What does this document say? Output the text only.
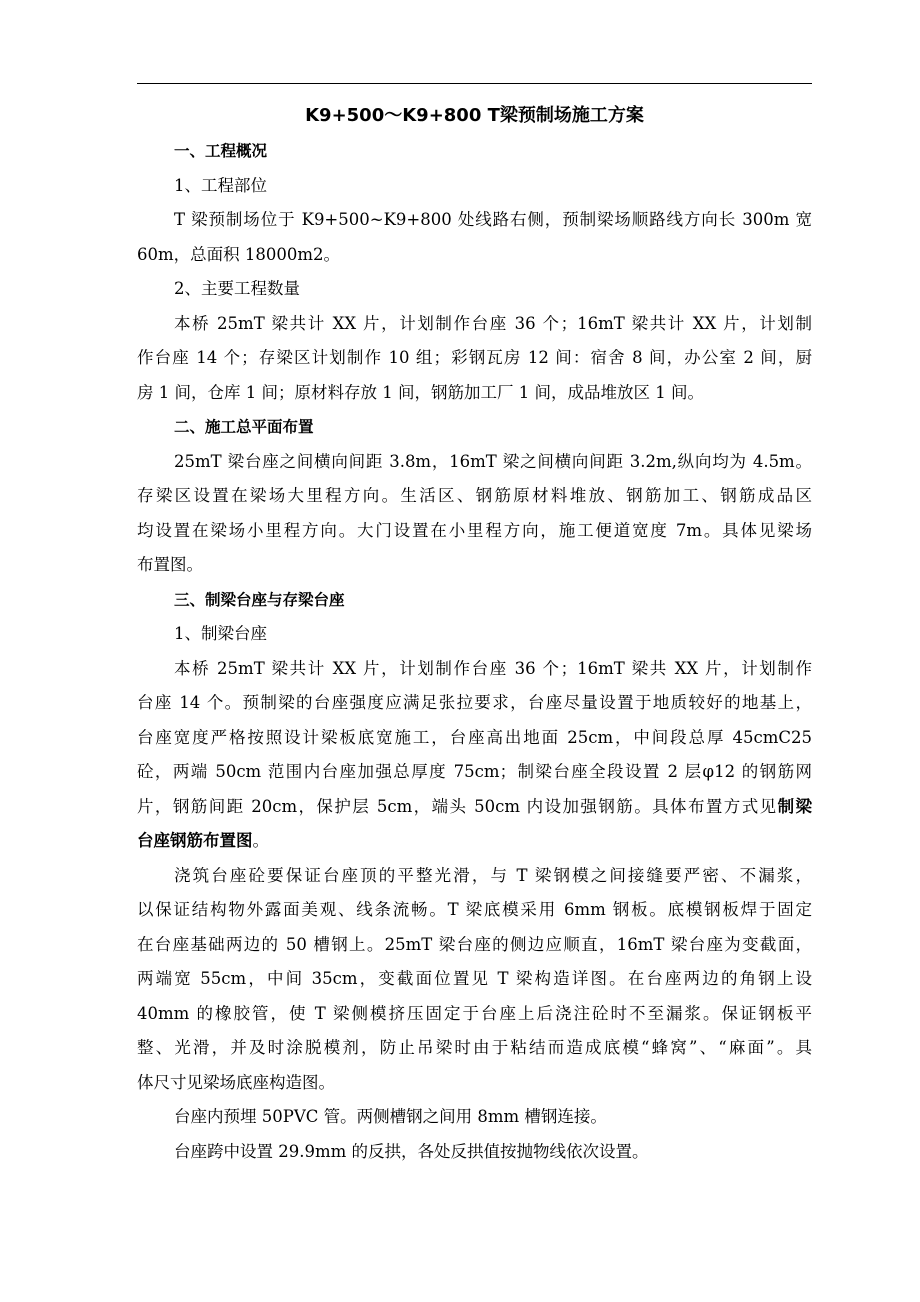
K9+500～K9+800 T梁预制场施工方案

一、工程概况

1、工程部位

T 梁预制场位于 K9+500~K9+800 处线路右侧，预制梁场顺路线方向长 300m 宽

60m，总面积 18000m2。

2、主要工程数量

本桥 25mT 梁共计 XX 片，计划制作台座 36 个；16mT 梁共计 XX 片，计划制

作台座 14 个；存梁区计划制作 10 组；彩钢瓦房 12 间：宿舍 8 间，办公室 2 间，厨

房 1 间，仓库 1 间；原材料存放 1 间，钢筋加工厂 1 间，成品堆放区 1 间。

二、施工总平面布置

25mT 梁台座之间横向间距 3.8m，16mT 梁之间横向间距 3.2m,纵向均为 4.5m。

存梁区设置在梁场大里程方向。生活区、钢筋原材料堆放、钢筋加工、钢筋成品区

均设置在梁场小里程方向。大门设置在小里程方向，施工便道宽度 7m。具体见梁场

布置图。

三、制梁台座与存梁台座

1、制梁台座

本桥 25mT 梁共计 XX 片，计划制作台座 36 个；16mT 梁共 XX 片，计划制作

台座 14 个。预制梁的台座强度应满足张拉要求，台座尽量设置于地质较好的地基上，

台座宽度严格按照设计梁板底宽施工，台座高出地面 25cm，中间段总厚 45cmC25

砼，两端 50cm 范围内台座加强总厚度 75cm；制梁台座全段设置 2 层φ12 的钢筋网

片，钢筋间距 20cm，保护层 5cm，端头 50cm 内设加强钢筋。具体布置方式见制梁

台座钢筋布置图。

浇筑台座砼要保证台座顶的平整光滑，与 T 梁钢模之间接缝要严密、不漏浆，

以保证结构物外露面美观、线条流畅。T 梁底模采用 6mm 钢板。底模钢板焊于固定

在台座基础两边的 50 槽钢上。25mT 梁台座的侧边应顺直，16mT 梁台座为变截面，

两端宽 55cm，中间 35cm，变截面位置见 T 梁构造详图。在台座两边的角钢上设

40mm 的橡胶管，使 T 梁侧模挤压固定于台座上后浇注砼时不至漏浆。保证钢板平

整、光滑，并及时涂脱模剂，防止吊梁时由于粘结而造成底模“蜂窝”、“麻面”。具

体尺寸见梁场底座构造图。

台座内预埋 50PVC 管。两侧槽钢之间用 8mm 槽钢连接。

台座跨中设置 29.9mm 的反拱，各处反拱值按抛物线依次设置。
